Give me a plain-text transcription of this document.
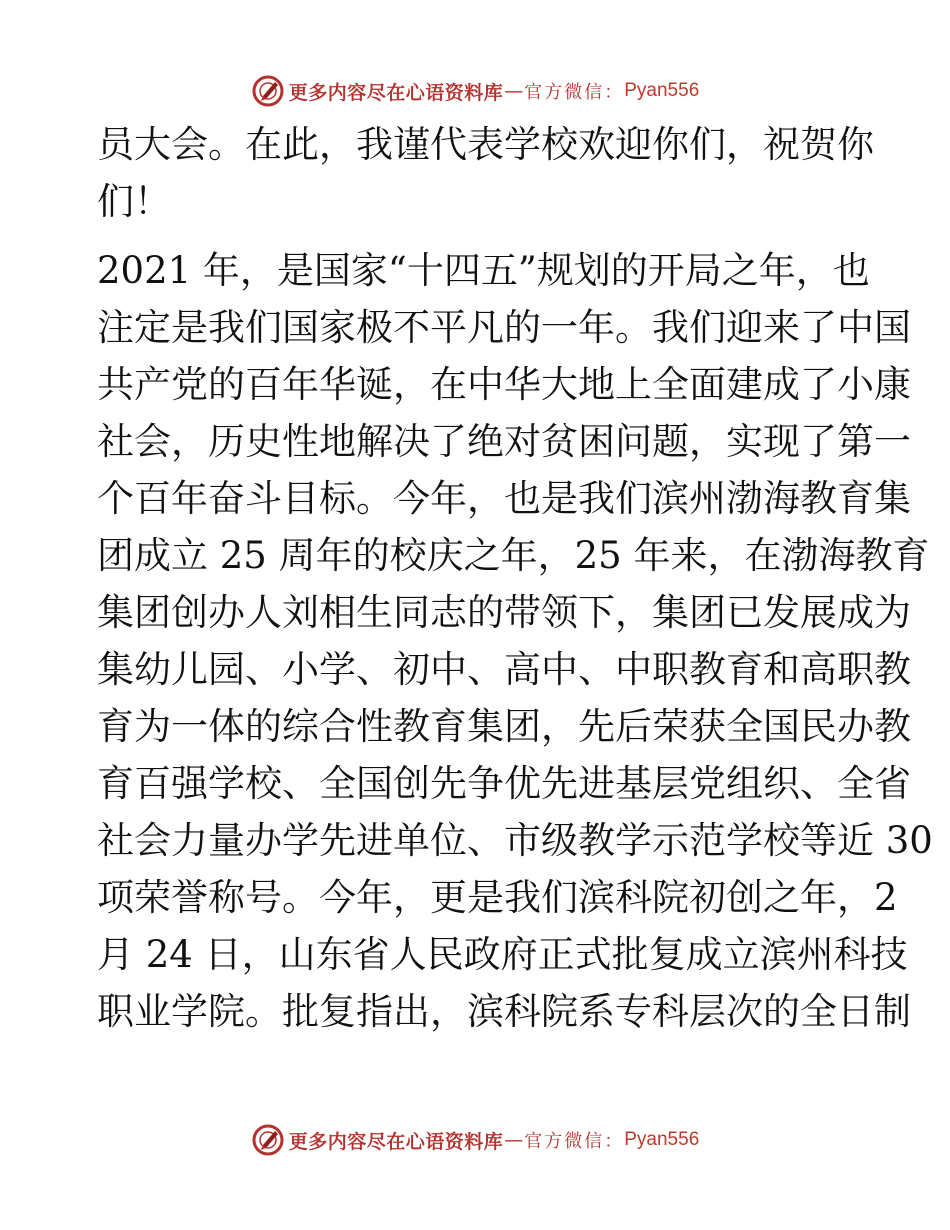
更多内容尽在心语资料库 — 官方微信： Pyan556
员大会。在此，我谨代表学校欢迎你们，祝贺你
们！
2021 年，是国家“十四五”规划的开局之年，也
注定是我们国家极不平凡的一年。我们迎来了中国
共产党的百年华诞，在中华大地上全面建成了小康
社会，历史性地解决了绝对贫困问题，实现了第一
个百年奋斗目标。今年，也是我们滨州渤海教育集
团成立 25 周年的校庆之年，25 年来，在渤海教育
集团创办人刘相生同志的带领下，集团已发展成为
集幼儿园、小学、初中、高中、中职教育和高职教
育为一体的综合性教育集团，先后荣获全国民办教
育百强学校、全国创先争优先进基层党组织、全省
社会力量办学先进单位、市级教学示范学校等近 30
项荣誉称号。今年，更是我们滨科院初创之年，2
月 24 日，山东省人民政府正式批复成立滨州科技
职业学院。批复指出，滨科院系专科层次的全日制
更多内容尽在心语资料库 — 官方微信： Pyan556
